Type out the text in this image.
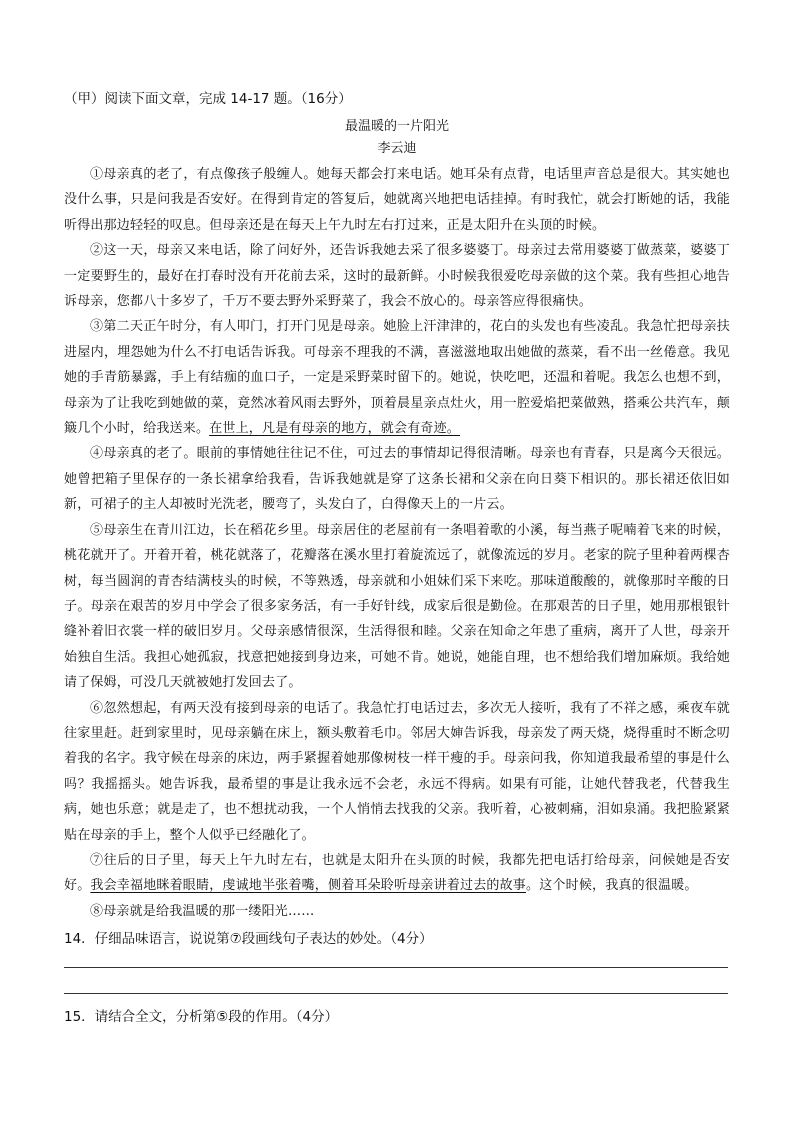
（甲）阅读下面文章，完成 14-17 题。（16分）

最温暖的一片阳光

李云迪

①母亲真的老了，有点像孩子般缠人。她每天都会打来电话。她耳朵有点背，电话里声音总是很大。其实她也没什么事，只是问我是否安好。在得到肯定的答复后，她就离兴地把电话挂掉。有时我忙，就会打断她的话，我能听得出那边轻轻的叹息。但母亲还是在每天上午九时左右打过来，正是太阳升在头顶的时候。

②这一天，母亲又来电话，除了问好外，还告诉我她去采了很多婆婆丁。母亲过去常用婆婆丁做蒸菜，婆婆丁一定要野生的，最好在打春时没有开花前去采，这时的最新鲜。小时候我很爱吃母亲做的这个菜。我有些担心地告诉母亲，您都八十多岁了，千万不要去野外采野菜了，我会不放心的。母亲答应得很痛快。

③第二天正午时分，有人叩门，打开门见是母亲。她脸上汗津津的，花白的头发也有些凌乱。我急忙把母亲扶进屋内，埋怨她为什么不打电话告诉我。可母亲不理我的不满，喜滋滋地取出她做的蒸菜，看不出一丝倦意。我见她的手青筋暴露，手上有结痂的血口子，一定是采野菜时留下的。她说，快吃吧，还温和着呢。我怎么也想不到，母亲为了让我吃到她做的菜，竟然冰着风雨去野外，顶着晨星亲点灶火，用一腔爱焰把菜做熟，搭乘公共汽车，颠簸几个小时，给我送来。在世上，凡是有母亲的地方，就会有奇迹。

④母亲真的老了。眼前的事情她往往记不住，可过去的事情却记得很清晰。母亲也有青春，只是离今天很远。她曾把箱子里保存的一条长裙拿给我看，告诉我她就是穿了这条长裙和父亲在向日葵下相识的。那长裙还依旧如新，可裙子的主人却被时光洗老，腰弯了，头发白了，白得像天上的一片云。

⑤母亲生在青川江边，长在稻花乡里。母亲居住的老屋前有一条唱着歌的小溪，每当燕子呢喃着飞来的时候，桃花就开了。开着开着，桃花就落了，花瓣落在溪水里打着旋流远了，就像流远的岁月。老家的院子里种着两棵杏树，每当圆润的青杏结满枝头的时候，不等熟透，母亲就和小姐妹们采下来吃。那味道酸酸的，就像那时辛酸的日子。母亲在艰苦的岁月中学会了很多家务活，有一手好针线，成家后很是勤俭。在那艰苦的日子里，她用那根银针缝补着旧衣裳一样的破旧岁月。父母亲感情很深，生活得很和睦。父亲在知命之年患了重病，离开了人世，母亲开始独自生活。我担心她孤寂，找意把她接到身边来，可她不肯。她说，她能自理，也不想给我们增加麻烦。我给她请了保姆，可没几天就被她打发回去了。

⑥忽然想起，有两天没有接到母亲的电话了。我急忙打电话过去，多次无人接听，我有了不祥之感，乘夜车就往家里赶。赶到家里时，见母亲躺在床上，额头敷着毛巾。邻居大婶告诉我，母亲发了两天烧，烧得重时不断念叨着我的名字。我守候在母亲的床边，两手紧握着她那像树枝一样干瘦的手。母亲问我，你知道我最希望的事是什么吗？我摇摇头。她告诉我，最希望的事是让我永远不会老，永远不得病。如果有可能，让她代替我老，代替我生病，她也乐意；就是走了，也不想扰动我，一个人悄悄去找我的父亲。我听着，心被刺痛，泪如泉涌。我把脸紧紧贴在母亲的手上，整个人似乎已经融化了。

⑦往后的日子里，每天上午九时左右，也就是太阳升在头顶的时候，我都先把电话打给母亲，问候她是否安好。我会幸福地眯着眼睛，虔诚地半张着嘴，侧着耳朵聆听母亲讲着过去的故事。这个时候，我真的很温暖。

⑧母亲就是给我温暖的那一缕阳光……

14．仔细品味语言，说说第⑦段画线句子表达的妙处。（4分）

15．请结合全文，分析第⑤段的作用。（4分）
